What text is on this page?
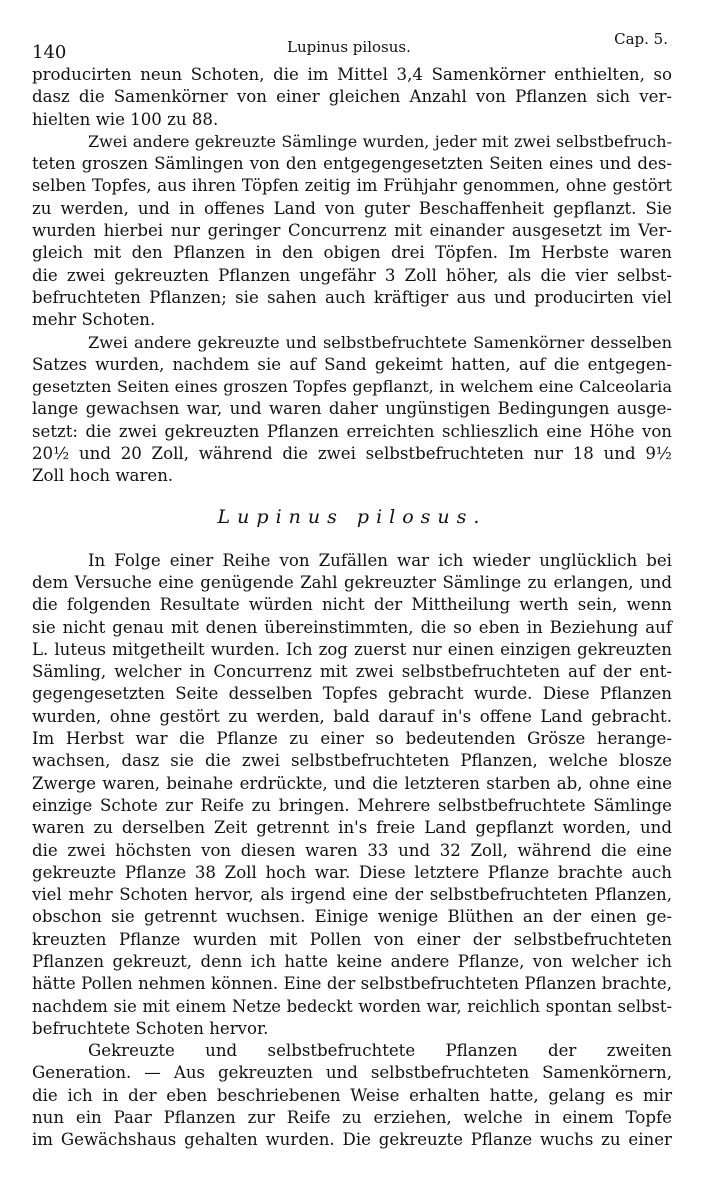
140	Lupinus pilosus.	Cap. 5.
producirten neun Schoten, die im Mittel 3,4 Samenkörner enthielten, so
dasz die Samenkörner von einer gleichen Anzahl von Pflanzen sich ver-
hielten wie 100 zu 88.
Zwei andere gekreuzte Sämlinge wurden, jeder mit zwei selbstbefruch-
teten groszen Sämlingen von den entgegengesetzten Seiten eines und des-
selben Topfes, aus ihren Töpfen zeitig im Frühjahr genommen, ohne gestört
zu werden, und in offenes Land von guter Beschaffenheit gepflanzt. Sie
wurden hierbei nur geringer Concurrenz mit einander ausgesetzt im Ver-
gleich mit den Pflanzen in den obigen drei Töpfen. Im Herbste waren
die zwei gekreuzten Pflanzen ungefähr 3 Zoll höher, als die vier selbst-
befruchteten Pflanzen; sie sahen auch kräftiger aus und producirten viel
mehr Schoten.
Zwei andere gekreuzte und selbstbefruchtete Samenkörner desselben
Satzes wurden, nachdem sie auf Sand gekeimt hatten, auf die entgegen-
gesetzten Seiten eines groszen Topfes gepflanzt, in welchem eine Calceolaria
lange gewachsen war, und waren daher ungünstigen Bedingungen ausge-
setzt: die zwei gekreuzten Pflanzen erreichten schlieszlich eine Höhe von
20½ und 20 Zoll, während die zwei selbstbefruchteten nur 18 und 9½
Zoll hoch waren.
Lupinus pilosus.
In Folge einer Reihe von Zufällen war ich wieder unglücklich bei
dem Versuche eine genügende Zahl gekreuzter Sämlinge zu erlangen, und
die folgenden Resultate würden nicht der Mittheilung werth sein, wenn
sie nicht genau mit denen übereinstimmten, die so eben in Beziehung auf
L. luteus mitgetheilt wurden. Ich zog zuerst nur einen einzigen gekreuzten
Sämling, welcher in Concurrenz mit zwei selbstbefruchteten auf der ent-
gegengesetzten Seite desselben Topfes gebracht wurde. Diese Pflanzen
wurden, ohne gestört zu werden, bald darauf in's offene Land gebracht.
Im Herbst war die Pflanze zu einer so bedeutenden Grösze herange-
wachsen, dasz sie die zwei selbstbefruchteten Pflanzen, welche blosze
Zwerge waren, beinahe erdrückte, und die letzteren starben ab, ohne eine
einzige Schote zur Reife zu bringen. Mehrere selbstbefruchtete Sämlinge
waren zu derselben Zeit getrennt in's freie Land gepflanzt worden, und
die zwei höchsten von diesen waren 33 und 32 Zoll, während die eine
gekreuzte Pflanze 38 Zoll hoch war. Diese letztere Pflanze brachte auch
viel mehr Schoten hervor, als irgend eine der selbstbefruchteten Pflanzen,
obschon sie getrennt wuchsen. Einige wenige Blüthen an der einen ge-
kreuzten Pflanze wurden mit Pollen von einer der selbstbefruchteten
Pflanzen gekreuzt, denn ich hatte keine andere Pflanze, von welcher ich
hätte Pollen nehmen können. Eine der selbstbefruchteten Pflanzen brachte,
nachdem sie mit einem Netze bedeckt worden war, reichlich spontan selbst-
befruchtete Schoten hervor.
Gekreuzte und selbstbefruchtete Pflanzen der zweiten
Generation. — Aus gekreuzten und selbstbefruchteten Samenkörnern,
die ich in der eben beschriebenen Weise erhalten hatte, gelang es mir
nun ein Paar Pflanzen zur Reife zu erziehen, welche in einem Topfe
im Gewächshaus gehalten wurden. Die gekreuzte Pflanze wuchs zu einer
